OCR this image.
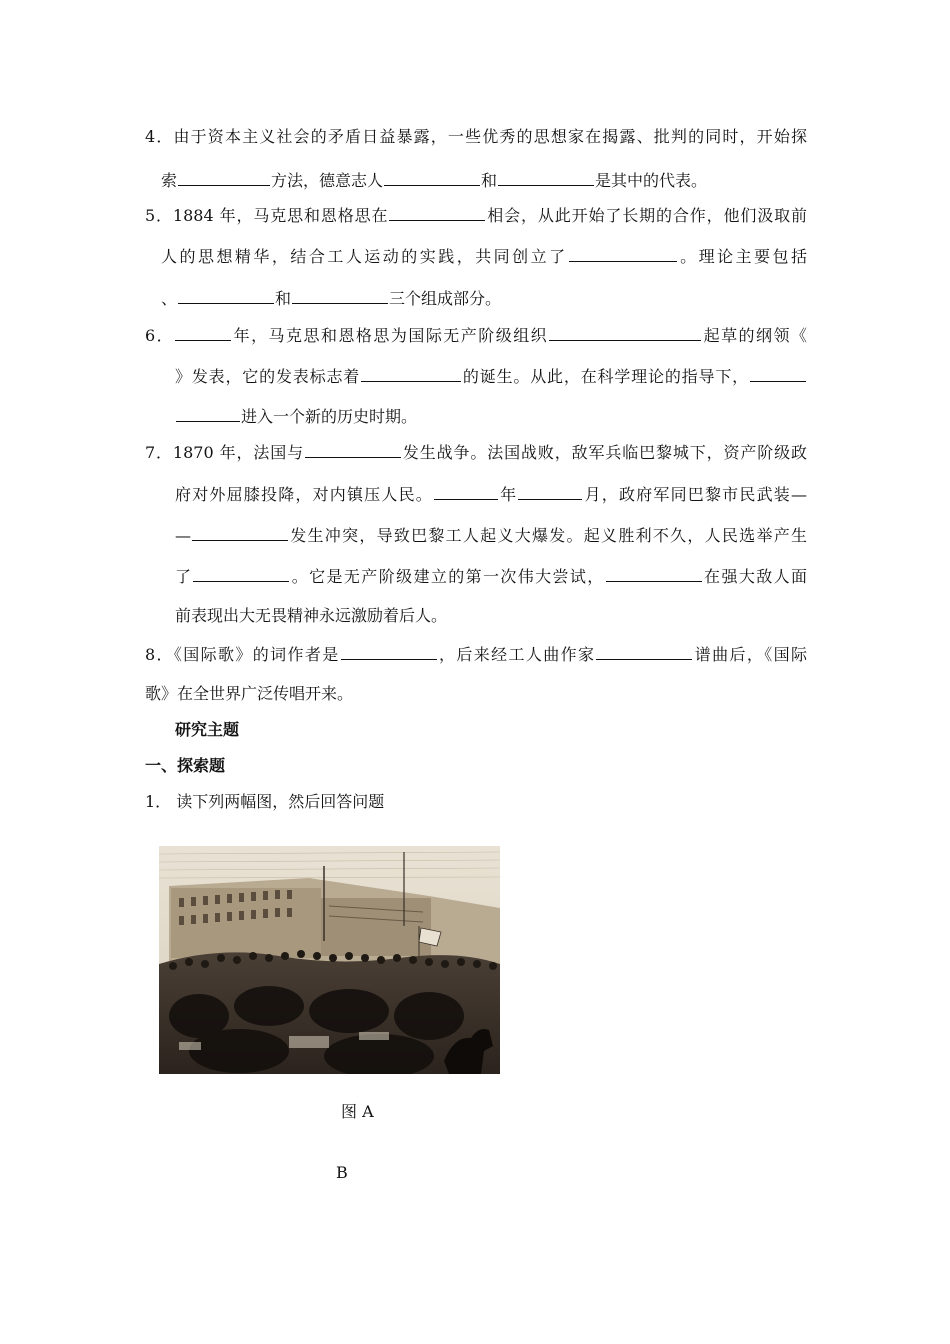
4．由于资本主义社会的矛盾日益暴露，一些优秀的思想家在揭露、批判的同时，开始探
索	方法，德意志人	和	是其中的代表。
5．1884 年，马克思和恩格思在	相会，从此开始了长期的合作，他们汲取前
人的思想精华，结合工人运动的实践，共同创立了	。理论主要包括
、	和	三个组成部分。
6．	年，马克思和恩格思为国际无产阶级组织	起草的纲领《
》发表，它的发表标志着	的诞生。从此，在科学理论的指导下，
进入一个新的历史时期。
7．1870 年，法国与	发生战争。法国战败，敌军兵临巴黎城下，资产阶级政
府对外屈膝投降，对内镇压人民。	年	月，政府军同巴黎市民武装—
—	发生冲突，导致巴黎工人起义大爆发。起义胜利不久，人民选举产生
了	。它是无产阶级建立的第一次伟大尝试，	在强大敌人面
前表现出大无畏精神永远激励着后人。
8．《国际歌》的词作者是	，后来经工人曲作家	谱曲后，《国际
歌》在全世界广泛传唱开来。
研究主题
一、探索题
1． 读下列两幅图，然后回答问题
图 A
B
